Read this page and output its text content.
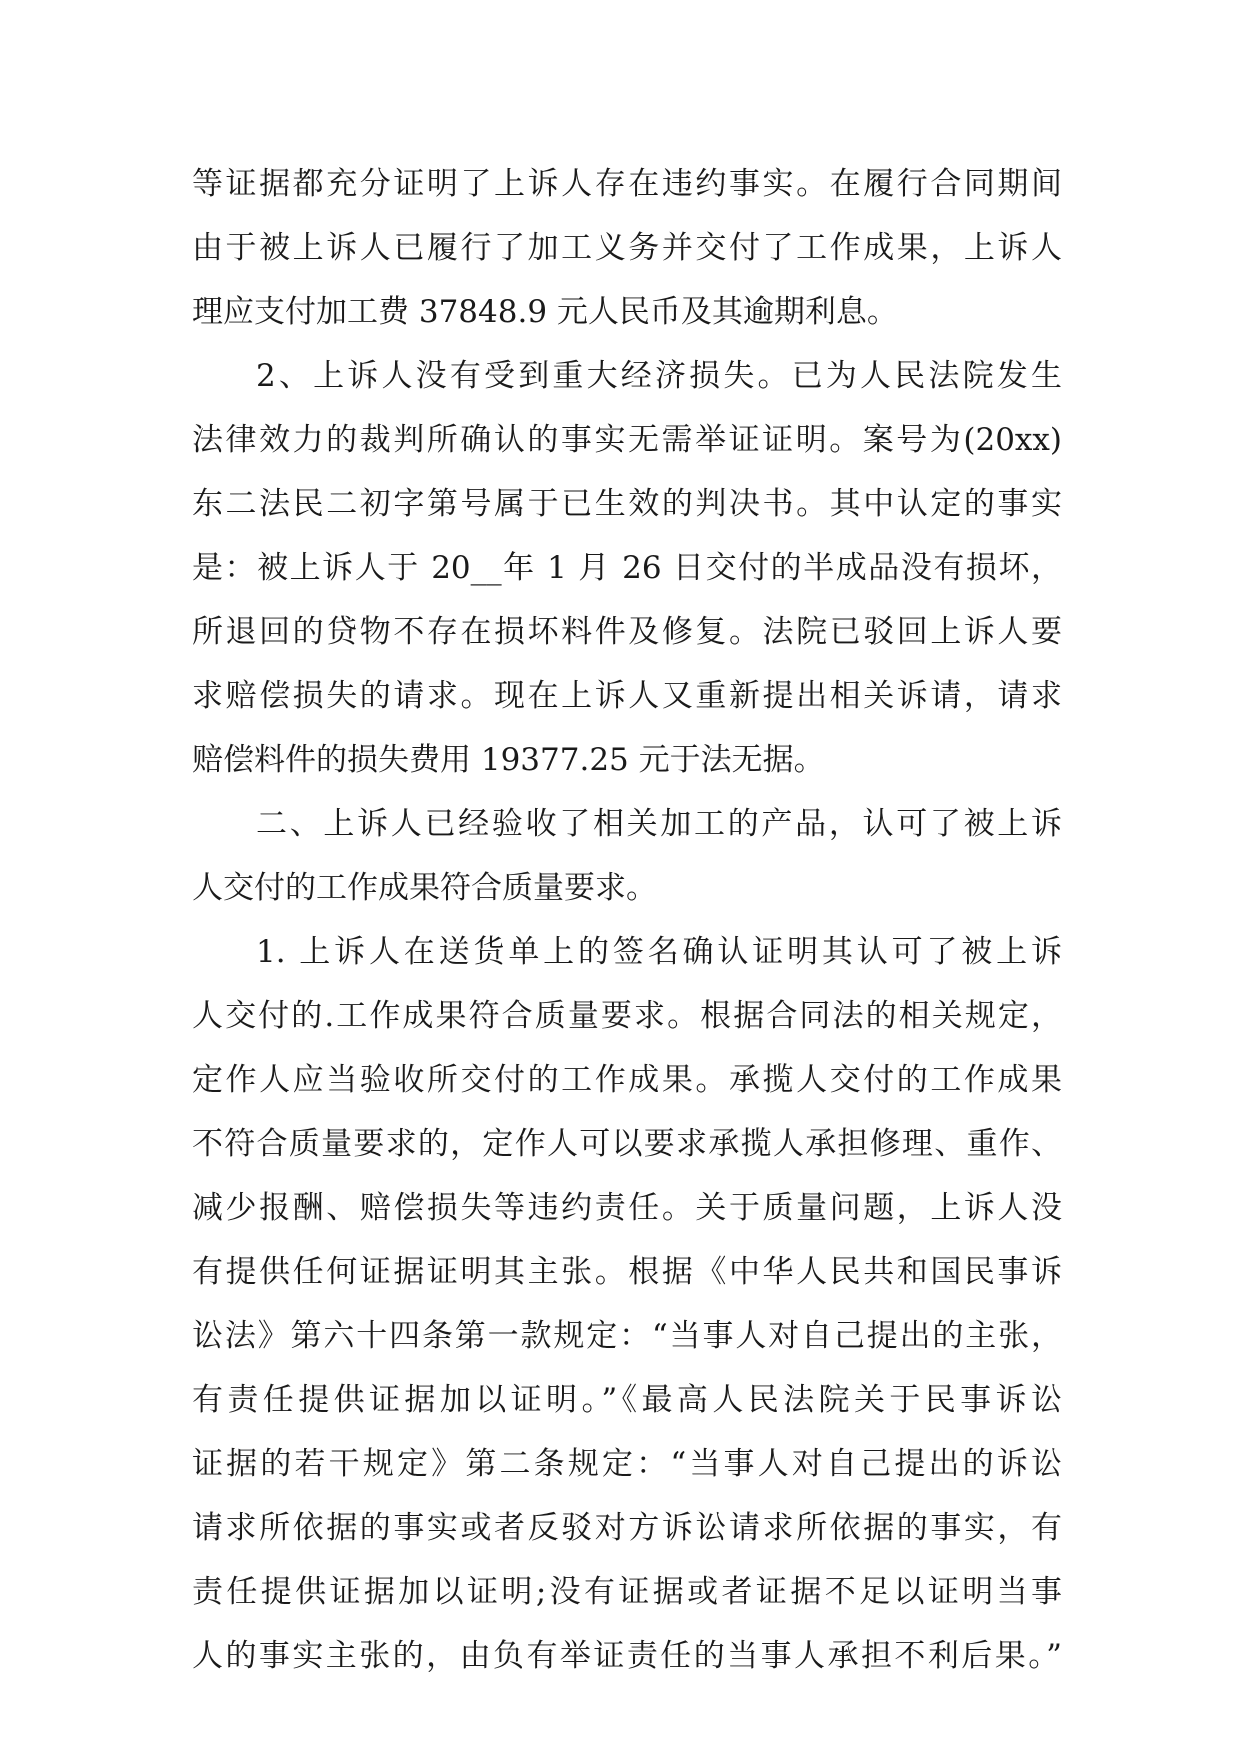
等证据都充分证明了上诉人存在违约事实。在履行合同期间
由于被上诉人已履行了加工义务并交付了工作成果，上诉人
理应支付加工费 37848.9 元人民币及其逾期利息。
2、上诉人没有受到重大经济损失。已为人民法院发生
法律效力的裁判所确认的事实无需举证证明。案号为(20xx)
东二法民二初字第号属于已生效的判决书。其中认定的事实
是：被上诉人于 20__年 1 月 26 日交付的半成品没有损坏，
所退回的贷物不存在损坏料件及修复。法院已驳回上诉人要
求赔偿损失的请求。现在上诉人又重新提出相关诉请，请求
赔偿料件的损失费用 19377.25 元于法无据。
二、上诉人已经验收了相关加工的产品，认可了被上诉
人交付的工作成果符合质量要求。
1. 上诉人在送货单上的签名确认证明其认可了被上诉
人交付的.工作成果符合质量要求。根据合同法的相关规定，
定作人应当验收所交付的工作成果。承揽人交付的工作成果
不符合质量要求的，定作人可以要求承揽人承担修理、重作、
减少报酬、赔偿损失等违约责任。关于质量问题，上诉人没
有提供任何证据证明其主张。根据《中华人民共和国民事诉
讼法》第六十四条第一款规定：“当事人对自己提出的主张，
有责任提供证据加以证明。”《最高人民法院关于民事诉讼
证据的若干规定》第二条规定：“当事人对自己提出的诉讼
请求所依据的事实或者反驳对方诉讼请求所依据的事实，有
责任提供证据加以证明;没有证据或者证据不足以证明当事
人的事实主张的，由负有举证责任的当事人承担不利后果。”
